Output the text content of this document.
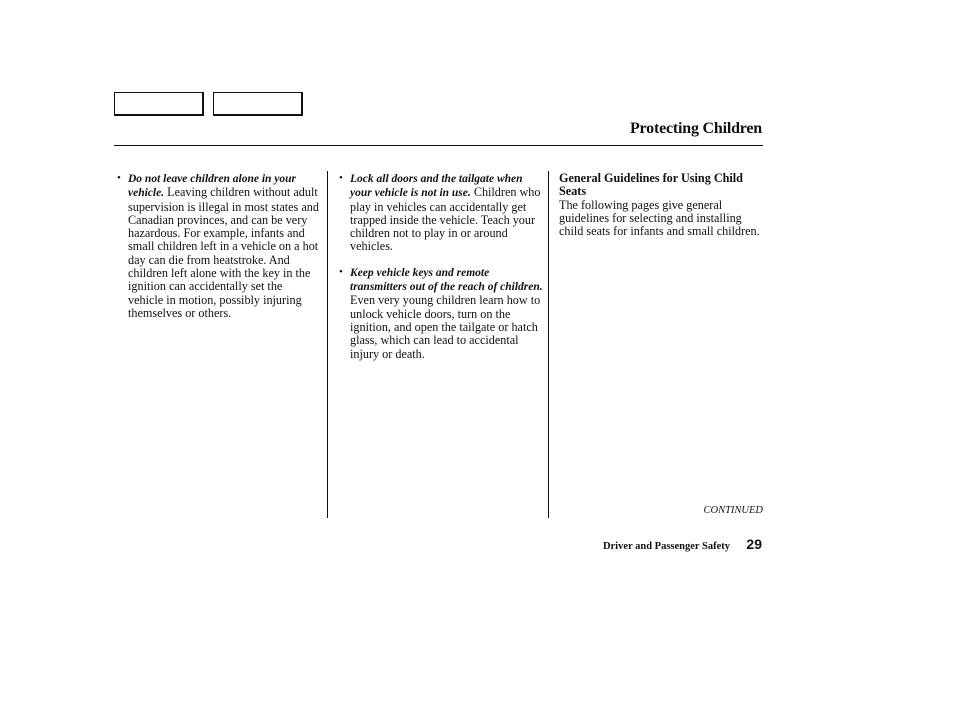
Protecting Children
• Do not leave children alone in your vehicle. Leaving children without adult supervision is illegal in most states and Canadian provinces, and can be very hazardous. For example, infants and small children left in a vehicle on a hot day can die from heatstroke. And children left alone with the key in the ignition can accidentally set the vehicle in motion, possibly injuring themselves or others.
• Lock all doors and the tailgate when your vehicle is not in use. Children who play in vehicles can accidentally get trapped inside the vehicle. Teach your children not to play in or around vehicles.
• Keep vehicle keys and remote transmitters out of the reach of children. Even very young children learn how to unlock vehicle doors, turn on the ignition, and open the tailgate or hatch glass, which can lead to accidental injury or death.
General Guidelines for Using Child Seats
The following pages give general guidelines for selecting and installing child seats for infants and small children.
CONTINUED
Driver and Passenger Safety 29
